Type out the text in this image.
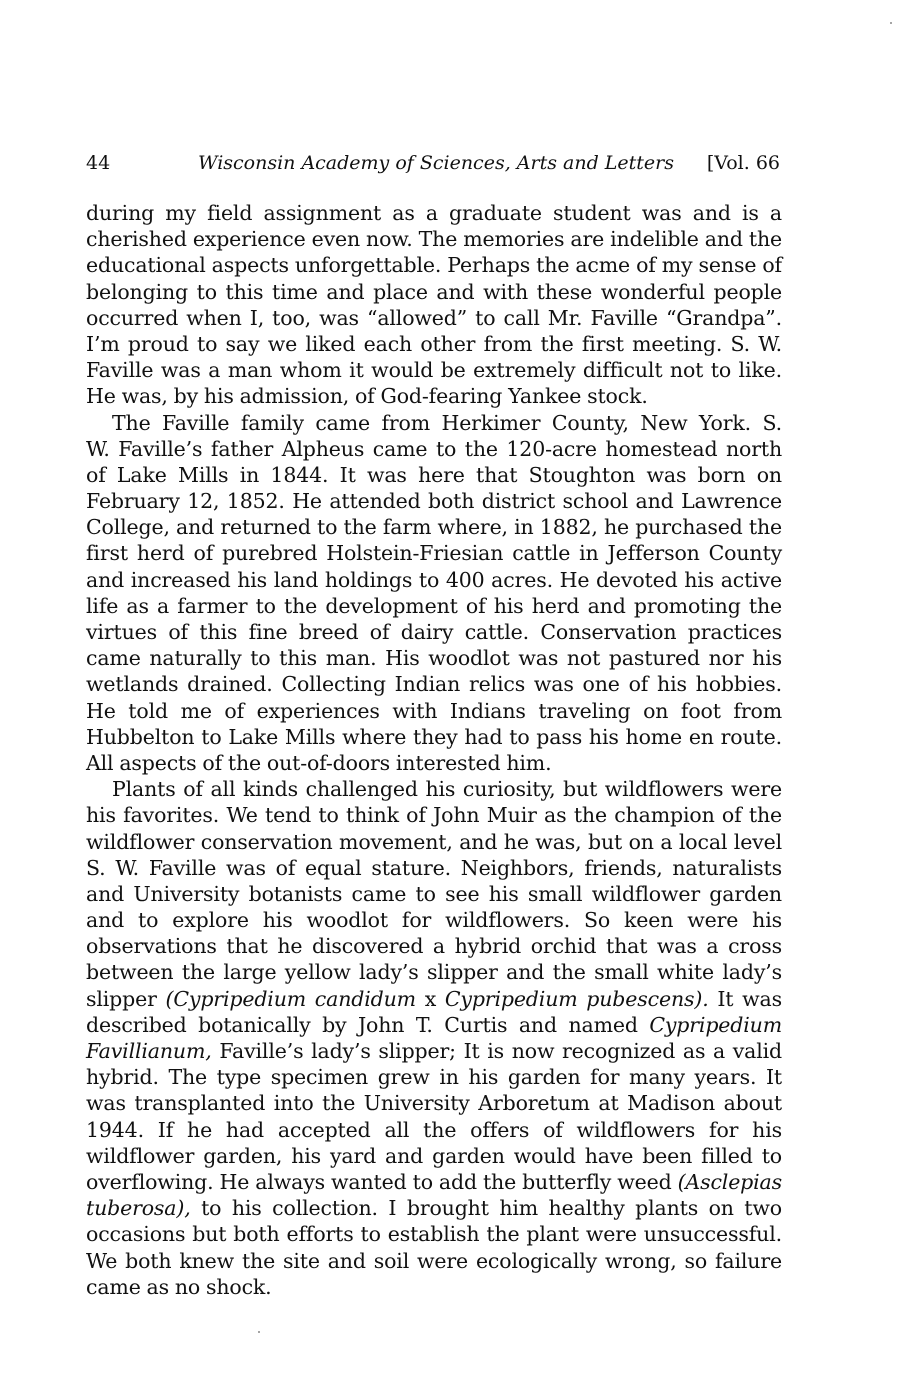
44	Wisconsin Academy of Sciences, Arts and Letters [Vol. 66
during my field assignment as a graduate student was and is a
cherished experience even now. The memories are indelible and the
educational aspects unforgettable. Perhaps the acme of my sense of
belonging to this time and place and with these wonderful people
occurred when I, too, was “allowed” to call Mr. Faville “Grandpa”.
I’m proud to say we liked each other from the first meeting. S. W.
Faville was a man whom it would be extremely difficult not to like.
He was, by his admission, of God-fearing Yankee stock.
The Faville family came from Herkimer County, New York. S.
W. Faville’s father Alpheus came to the 120-acre homestead north
of Lake Mills in 1844. It was here that Stoughton was born on
February 12, 1852. He attended both district school and Lawrence
College, and returned to the farm where, in 1882, he purchased the
first herd of purebred Holstein-Friesian cattle in Jefferson County
and increased his land holdings to 400 acres. He devoted his active
life as a farmer to the development of his herd and promoting the
virtues of this fine breed of dairy cattle. Conservation practices
came naturally to this man. His woodlot was not pastured nor his
wetlands drained. Collecting Indian relics was one of his hobbies.
He told me of experiences with Indians traveling on foot from
Hubbelton to Lake Mills where they had to pass his home en route.
All aspects of the out-of-doors interested him.
Plants of all kinds challenged his curiosity, but wildflowers were
his favorites. We tend to think of John Muir as the champion of the
wildflower conservation movement, and he was, but on a local level
S. W. Faville was of equal stature. Neighbors, friends, naturalists
and University botanists came to see his small wildflower garden
and to explore his woodlot for wildflowers. So keen were his
observations that he discovered a hybrid orchid that was a cross
between the large yellow lady’s slipper and the small white lady’s
slipper (Cypripedium candidum x Cypripedium pubescens). It was
described botanically by John T. Curtis and named Cypripedium
Favillianum, Faville’s lady’s slipper; It is now recognized as a valid
hybrid. The type specimen grew in his garden for many years. It
was transplanted into the University Arboretum at Madison about
1944. If he had accepted all the offers of wildflowers for his
wildflower garden, his yard and garden would have been filled to
overflowing. He always wanted to add the butterfly weed (Asclepias
tuberosa), to his collection. I brought him healthy plants on two
occasions but both efforts to establish the plant were unsuccessful.
We both knew the site and soil were ecologically wrong, so failure
came as no shock.
